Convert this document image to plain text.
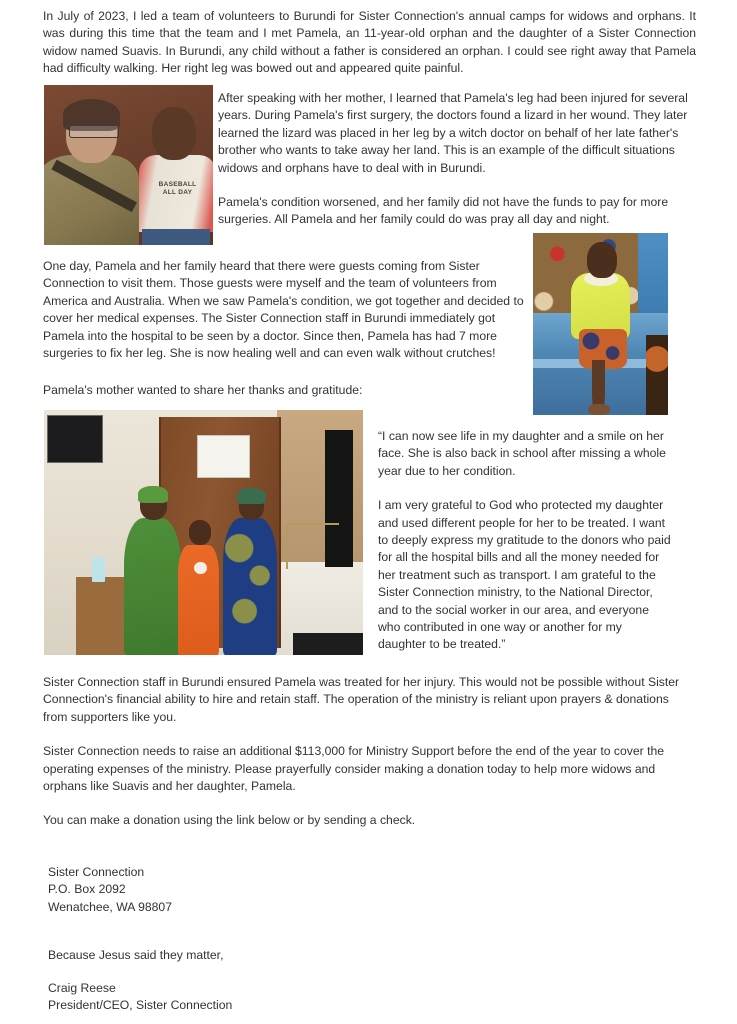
In July of 2023, I led a team of volunteers to Burundi for Sister Connection's annual camps for widows and orphans. It was during this time that the team and I met Pamela, an 11-year-old orphan and the daughter of a Sister Connection widow named Suavis. In Burundi, any child without a father is considered an orphan. I could see right away that Pamela had difficulty walking. Her right leg was bowed out and appeared quite painful.

BASEBALL
ALL DAY

After speaking with her mother, I learned that Pamela's leg had been injured for several years. During Pamela's first surgery, the doctors found a lizard in her wound. They later learned the lizard was placed in her leg by a witch doctor on behalf of her late father's brother who wants to take away her land. This is an example of the difficult situations widows and orphans have to deal with in Burundi.

Pamela's condition worsened, and her family did not have the funds to pay for more surgeries. All Pamela and her family could do was pray all day and night.

One day, Pamela and her family heard that there were guests coming from Sister Connection to visit them. Those guests were myself and the team of volunteers from America and Australia. When we saw Pamela's condition, we got together and decided to cover her medical expenses. The Sister Connection staff in Burundi immediately got Pamela into the hospital to be seen by a doctor. Since then, Pamela has had 7 more surgeries to fix her leg. She is now healing well and can even walk without crutches!

Pamela's mother wanted to share her thanks and gratitude:

“I can now see life in my daughter and a smile on her face. She is also back in school after missing a whole year due to her condition.

I am very grateful to God who protected my daughter and used different people for her to be treated. I want to deeply express my gratitude to the donors who paid for all the hospital bills and all the money needed for her treatment such as transport. I am grateful to the Sister Connection ministry, to the National Director, and to the social worker in our area, and everyone who contributed in one way or another for my daughter to be treated.”

Sister Connection staff in Burundi ensured Pamela was treated for her injury. This would not be possible without Sister Connection's financial ability to hire and retain staff. The operation of the ministry is reliant upon prayers & donations from supporters like you.

Sister Connection needs to raise an additional $113,000 for Ministry Support before the end of the year to cover the operating expenses of the ministry. Please prayerfully consider making a donation today to help more widows and orphans like Suavis and her daughter, Pamela.

You can make a donation using the link below or by sending a check.

Sister Connection
P.O. Box 2092
Wenatchee, WA 98807
Because Jesus said they matter,
Craig Reese
President/CEO, Sister Connection
